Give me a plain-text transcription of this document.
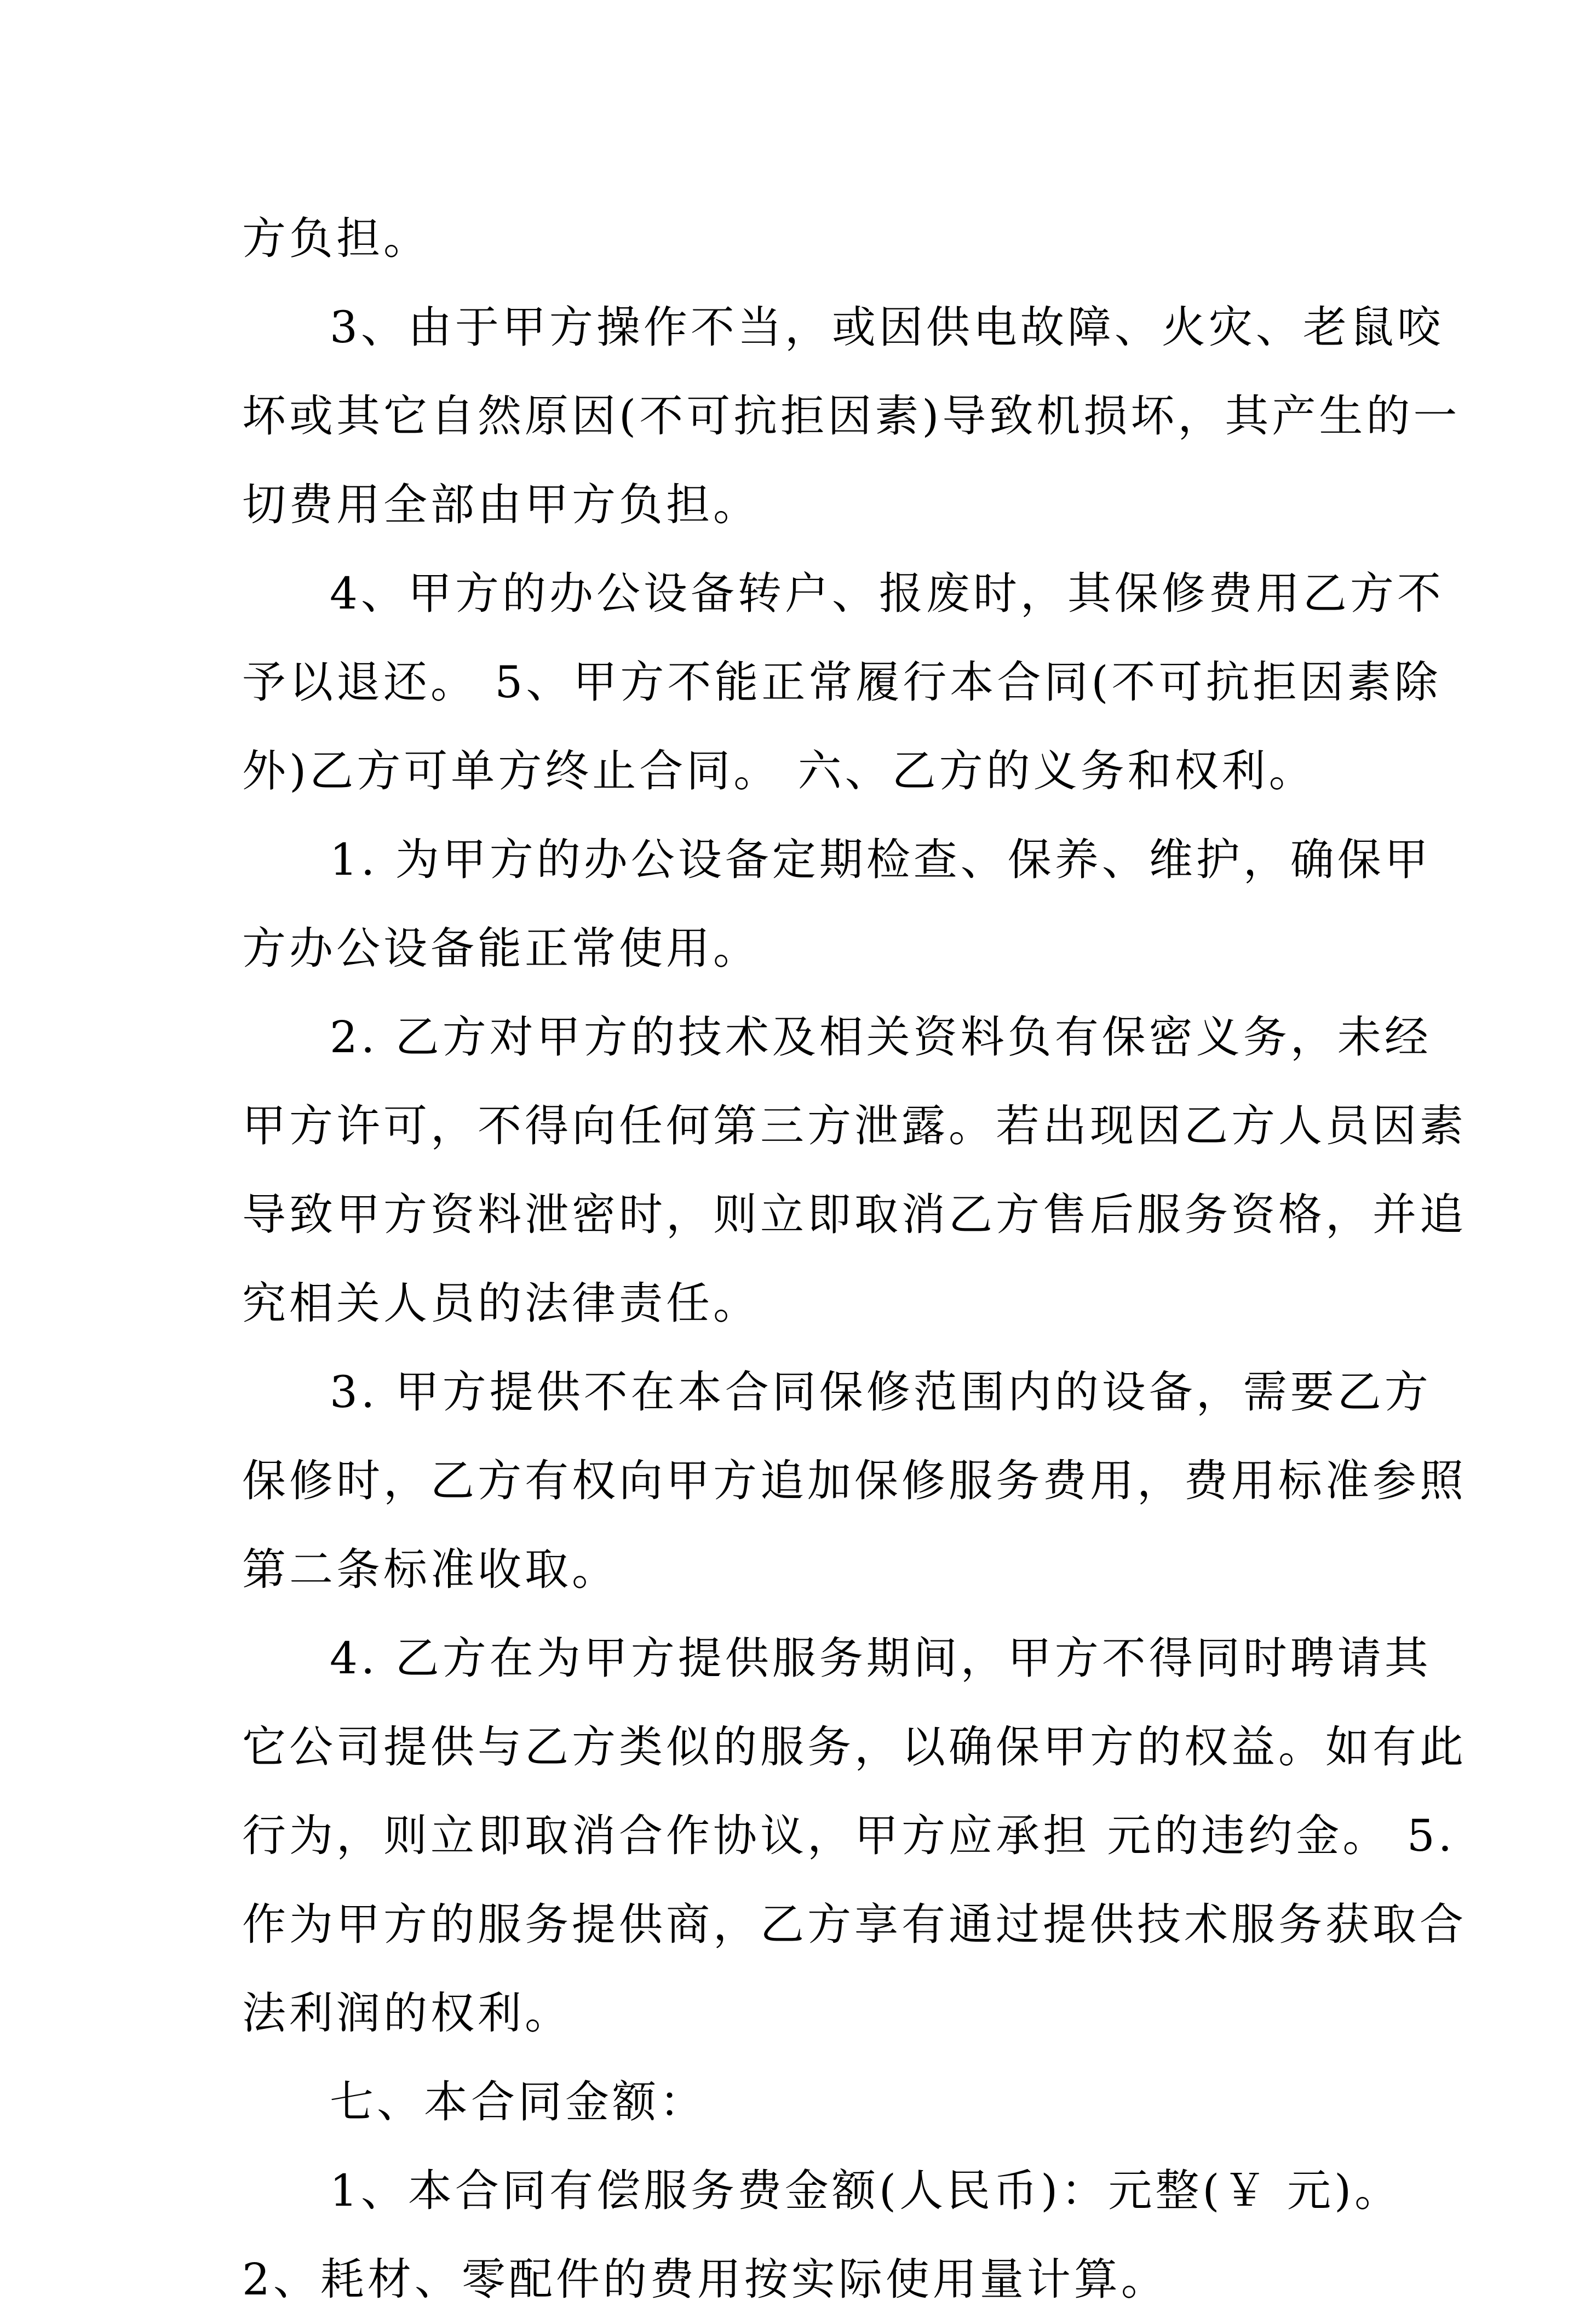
方负担。

3、由于甲方操作不当，或因供电故障、火灾、老鼠咬

坏或其它自然原因(不可抗拒因素)导致机损坏，其产生的一

切费用全部由甲方负担。

4、甲方的办公设备转户、报废时，其保修费用乙方不

予以退还。 5、甲方不能正常履行本合同(不可抗拒因素除

外)乙方可单方终止合同。 六、乙方的义务和权利。

1. 为甲方的办公设备定期检查、保养、维护，确保甲

方办公设备能正常使用。

2. 乙方对甲方的技术及相关资料负有保密义务，未经

甲方许可，不得向任何第三方泄露。若出现因乙方人员因素

导致甲方资料泄密时，则立即取消乙方售后服务资格，并追

究相关人员的法律责任。

3. 甲方提供不在本合同保修范围内的设备，需要乙方

保修时，乙方有权向甲方追加保修服务费用，费用标准参照

第二条标准收取。

4. 乙方在为甲方提供服务期间，甲方不得同时聘请其

它公司提供与乙方类似的服务，以确保甲方的权益。如有此

行为，则立即取消合作协议，甲方应承担 元的违约金。 5.

作为甲方的服务提供商，乙方享有通过提供技术服务获取合

法利润的权利。

七、本合同金额：

1、本合同有偿服务费金额(人民币)：元整(￥ 元)。

2、耗材、零配件的费用按实际使用量计算。
